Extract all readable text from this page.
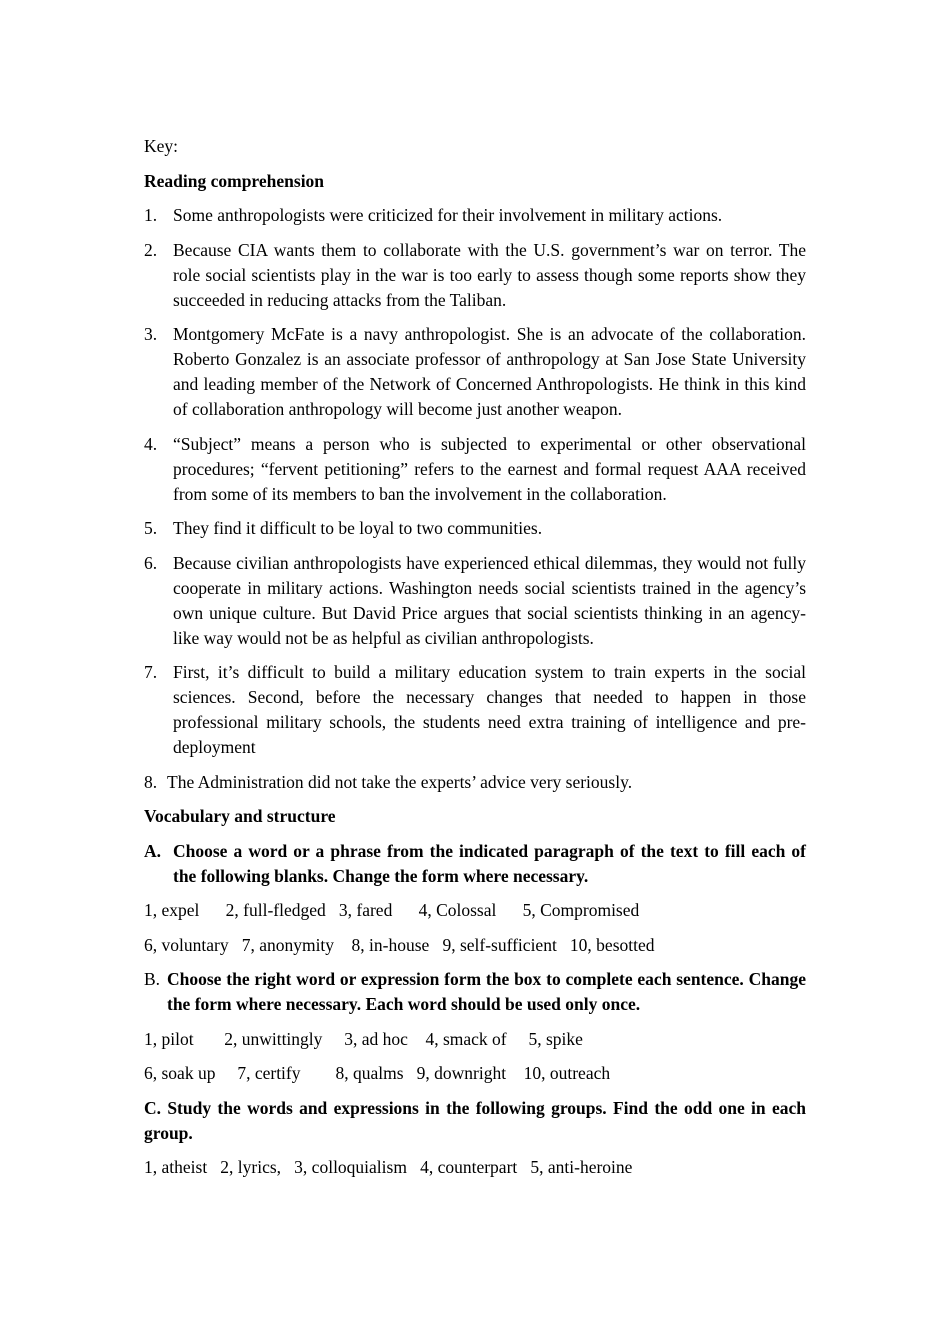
Key:

Reading comprehension

1. Some anthropologists were criticized for their involvement in military actions.
2. Because CIA wants them to collaborate with the U.S. government’s war on terror. The role social scientists play in the war is too early to assess though some reports show they succeeded in reducing attacks from the Taliban.
3. Montgomery McFate is a navy anthropologist. She is an advocate of the collaboration. Roberto Gonzalez is an associate professor of anthropology at San Jose State University and leading member of the Network of Concerned Anthropologists. He think in this kind of collaboration anthropology will become just another weapon.
4. “Subject” means a person who is subjected to experimental or other observational procedures; “fervent petitioning” refers to the earnest and formal request AAA received from some of its members to ban the involvement in the collaboration.
5. They find it difficult to be loyal to two communities.
6. Because civilian anthropologists have experienced ethical dilemmas, they would not fully cooperate in military actions. Washington needs social scientists trained in the agency’s own unique culture. But David Price argues that social scientists thinking in an agency-like way would not be as helpful as civilian anthropologists.
7. First, it’s difficult to build a military education system to train experts in the social sciences. Second, before the necessary changes that needed to happen in those professional military schools, the students need extra training of intelligence and pre-deployment
8. The Administration did not take the experts’ advice very seriously.

Vocabulary and structure

A. Choose a word or a phrase from the indicated paragraph of the text to fill each of the following blanks. Change the form where necessary.

1, expel      2, full-fledged   3, fared      4, Colossal      5, Compromised

6, voluntary   7, anonymity    8, in-house   9, self-sufficient   10, besotted

B. Choose the right word or expression form the box to complete each sentence. Change the form where necessary. Each word should be used only once.

1, pilot       2, unwittingly     3, ad hoc    4, smack of     5, spike

6, soak up     7, certify        8, qualms   9, downright    10, outreach

C. Study the words and expressions in the following groups. Find the odd one in each group.

1, atheist   2, lyrics,   3, colloquialism   4, counterpart   5, anti-heroine
